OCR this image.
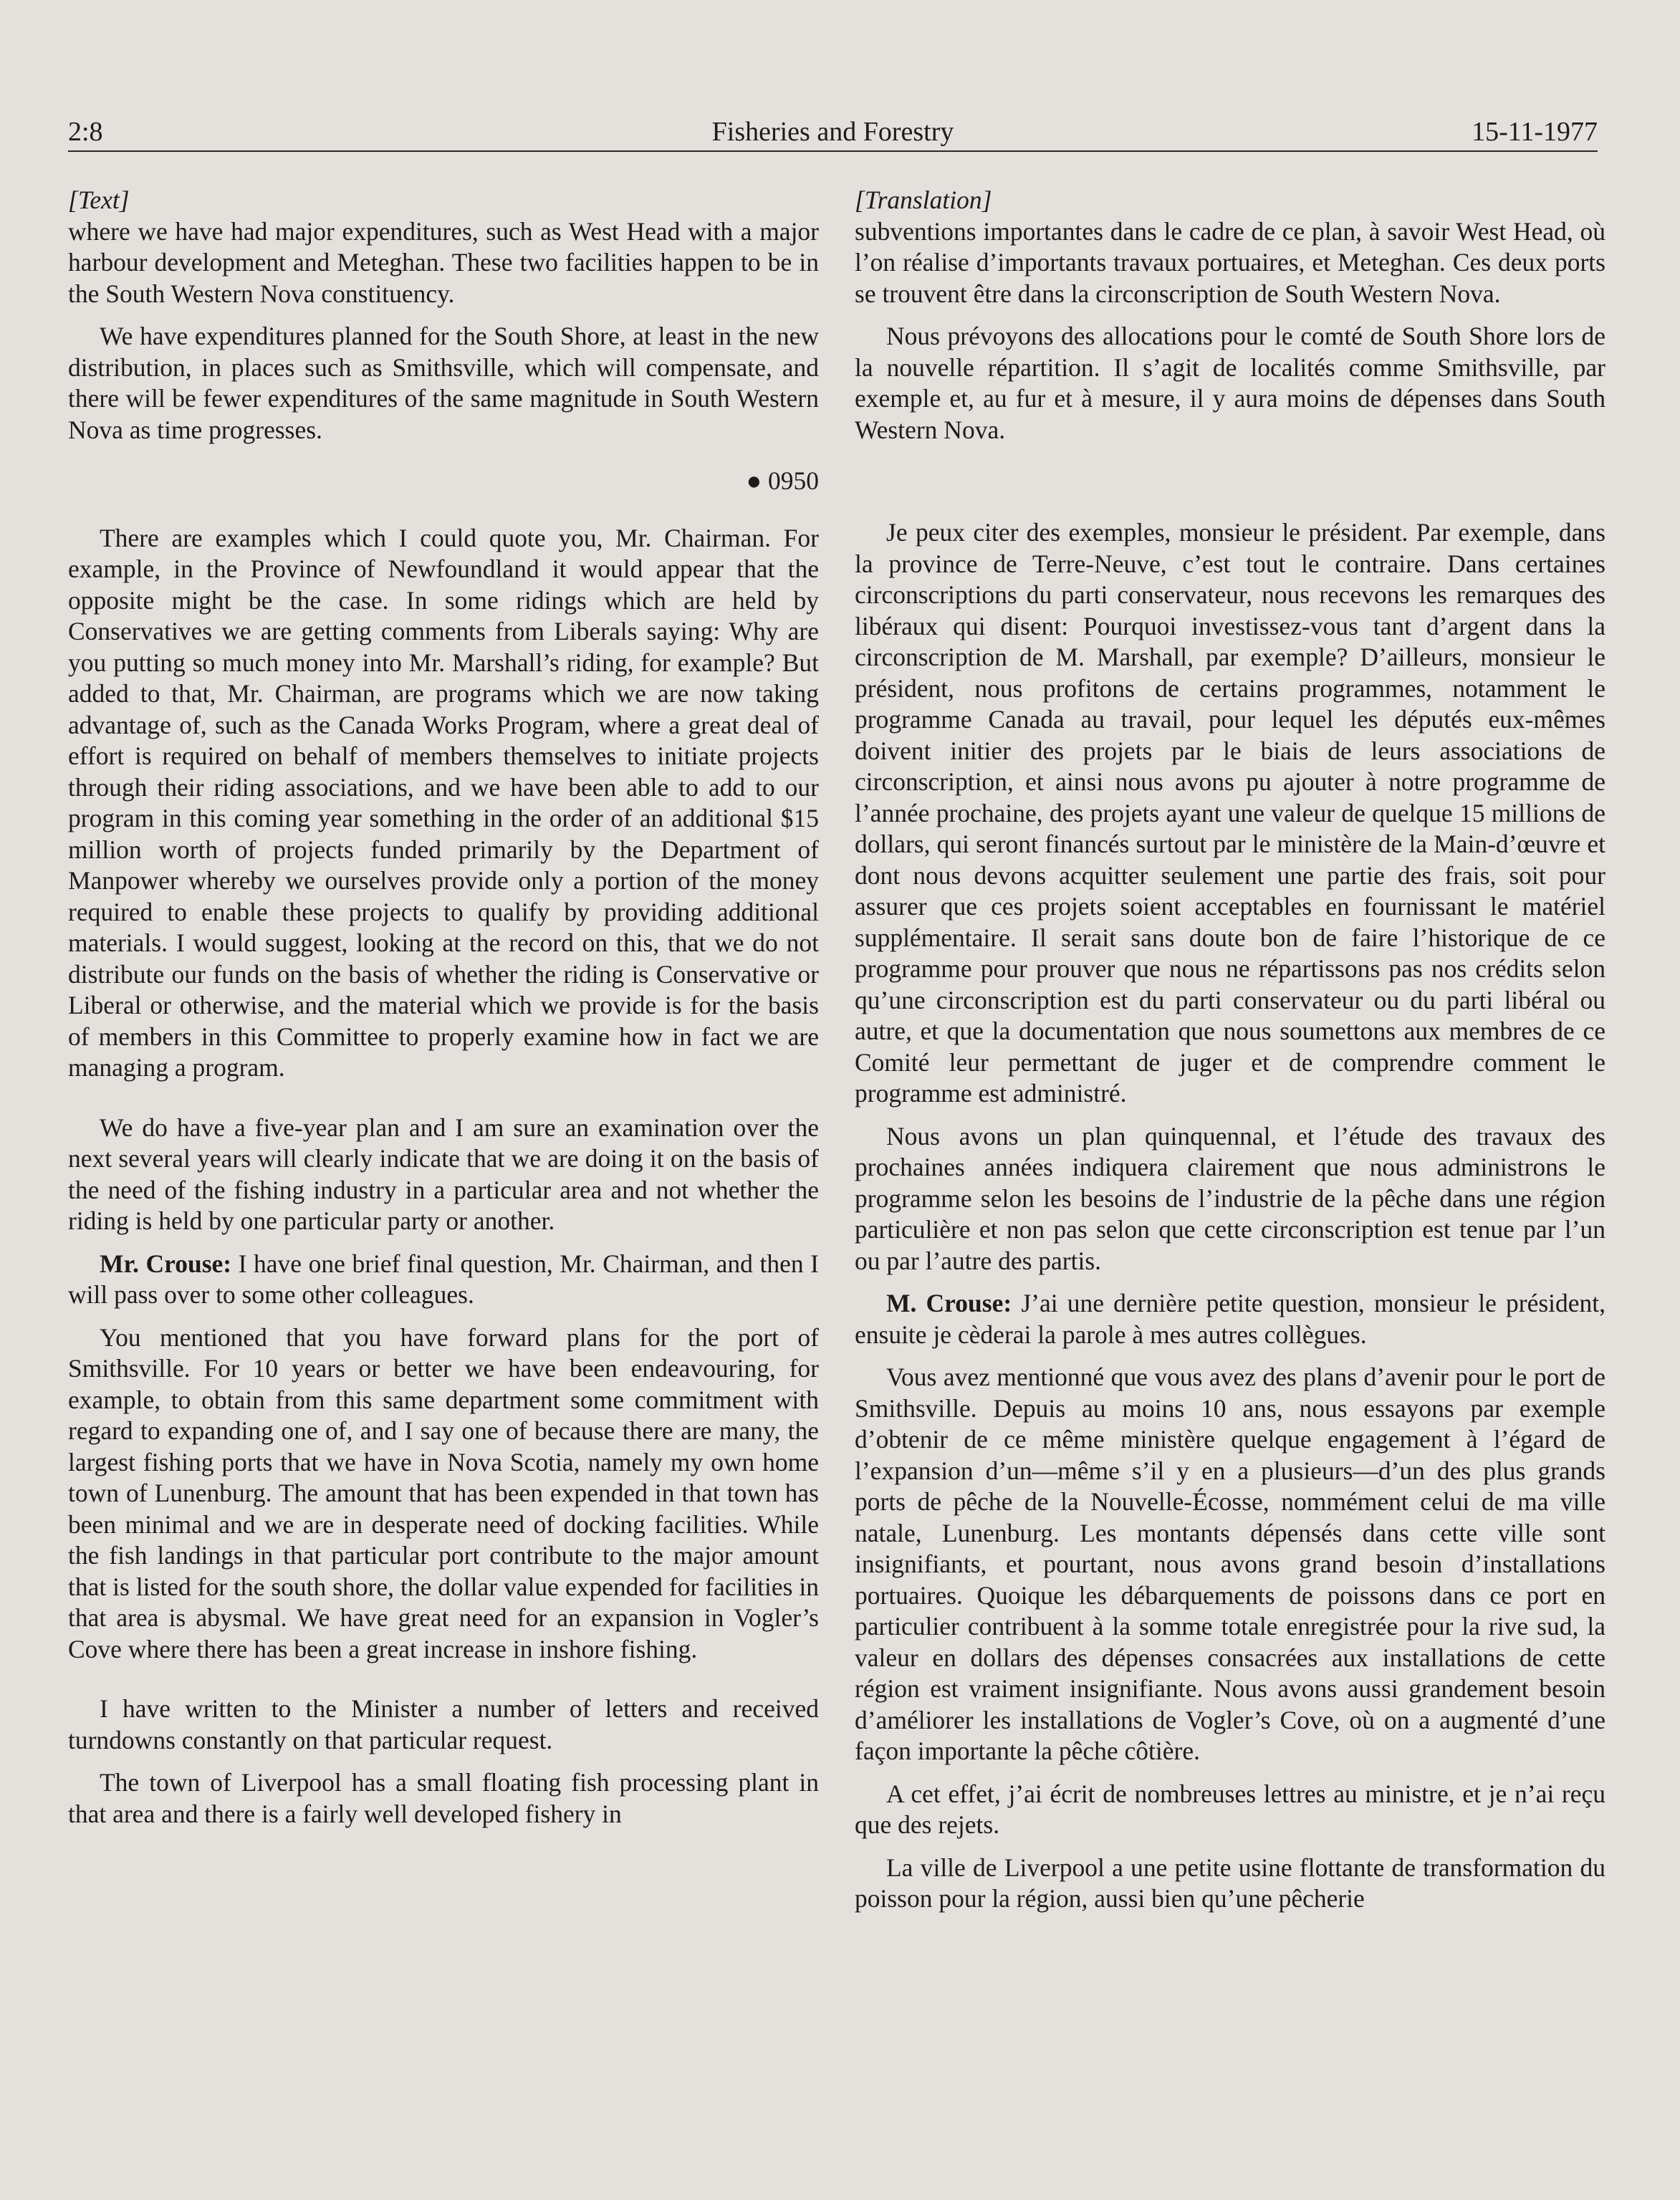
2:8	Fisheries and Forestry	15-11-1977

[Text]

where we have had major expenditures, such as West Head with a major harbour development and Meteghan. These two facilities happen to be in the South Western Nova constituency.

We have expenditures planned for the South Shore, at least in the new distribution, in places such as Smithsville, which will compensate, and there will be fewer expenditures of the same magnitude in South Western Nova as time progresses.

● 0950

There are examples which I could quote you, Mr. Chairman. For example, in the Province of Newfoundland it would appear that the opposite might be the case. In some ridings which are held by Conservatives we are getting comments from Liberals saying: Why are you putting so much money into Mr. Marshall’s riding, for example? But added to that, Mr. Chairman, are programs which we are now taking advantage of, such as the Canada Works Program, where a great deal of effort is required on behalf of members themselves to initiate projects through their riding associations, and we have been able to add to our program in this coming year something in the order of an additional $15 million worth of projects funded primarily by the Department of Manpower whereby we ourselves provide only a portion of the money required to enable these projects to qualify by providing additional materials. I would suggest, looking at the record on this, that we do not distribute our funds on the basis of whether the riding is Conservative or Liberal or otherwise, and the material which we provide is for the basis of members in this Committee to properly examine how in fact we are managing a program.

We do have a five-year plan and I am sure an examination over the next several years will clearly indicate that we are doing it on the basis of the need of the fishing industry in a particular area and not whether the riding is held by one particular party or another.

Mr. Crouse: I have one brief final question, Mr. Chairman, and then I will pass over to some other colleagues.

You mentioned that you have forward plans for the port of Smithsville. For 10 years or better we have been endeavouring, for example, to obtain from this same department some commitment with regard to expanding one of, and I say one of because there are many, the largest fishing ports that we have in Nova Scotia, namely my own home town of Lunenburg. The amount that has been expended in that town has been minimal and we are in desperate need of docking facilities. While the fish landings in that particular port contribute to the major amount that is listed for the south shore, the dollar value expended for facilities in that area is abysmal. We have great need for an expansion in Vogler’s Cove where there has been a great increase in inshore fishing.

I have written to the Minister a number of letters and received turndowns constantly on that particular request.

The town of Liverpool has a small floating fish processing plant in that area and there is a fairly well developed fishery in

[Translation]

subventions importantes dans le cadre de ce plan, à savoir West Head, où l’on réalise d’importants travaux portuaires, et Meteghan. Ces deux ports se trouvent être dans la circonscription de South Western Nova.

Nous prévoyons des allocations pour le comté de South Shore lors de la nouvelle répartition. Il s’agit de localités comme Smithsville, par exemple et, au fur et à mesure, il y aura moins de dépenses dans South Western Nova.

Je peux citer des exemples, monsieur le président. Par exemple, dans la province de Terre-Neuve, c’est tout le contraire. Dans certaines circonscriptions du parti conservateur, nous recevons les remarques des libéraux qui disent: Pourquoi investissez-vous tant d’argent dans la circonscription de M. Marshall, par exemple? D’ailleurs, monsieur le président, nous profitons de certains programmes, notamment le programme Canada au travail, pour lequel les députés eux-mêmes doivent initier des projets par le biais de leurs associations de circonscription, et ainsi nous avons pu ajouter à notre programme de l’année prochaine, des projets ayant une valeur de quelque 15 millions de dollars, qui seront financés surtout par le ministère de la Main-d’œuvre et dont nous devons acquitter seulement une partie des frais, soit pour assurer que ces projets soient acceptables en fournissant le matériel supplémentaire. Il serait sans doute bon de faire l’historique de ce programme pour prouver que nous ne répartissons pas nos crédits selon qu’une circonscription est du parti conservateur ou du parti libéral ou autre, et que la documentation que nous soumettons aux membres de ce Comité leur permettant de juger et de comprendre comment le programme est administré.

Nous avons un plan quinquennal, et l’étude des travaux des prochaines années indiquera clairement que nous administrons le programme selon les besoins de l’industrie de la pêche dans une région particulière et non pas selon que cette circonscription est tenue par l’un ou par l’autre des partis.

M. Crouse: J’ai une dernière petite question, monsieur le président, ensuite je cèderai la parole à mes autres collègues.

Vous avez mentionné que vous avez des plans d’avenir pour le port de Smithsville. Depuis au moins 10 ans, nous essayons par exemple d’obtenir de ce même ministère quelque engagement à l’égard de l’expansion d’un—même s’il y en a plusieurs—d’un des plus grands ports de pêche de la Nouvelle-Écosse, nommément celui de ma ville natale, Lunenburg. Les montants dépensés dans cette ville sont insignifiants, et pourtant, nous avons grand besoin d’installations portuaires. Quoique les débarquements de poissons dans ce port en particulier contribuent à la somme totale enregistrée pour la rive sud, la valeur en dollars des dépenses consacrées aux installations de cette région est vraiment insignifiante. Nous avons aussi grandement besoin d’améliorer les installations de Vogler’s Cove, où on a augmenté d’une façon importante la pêche côtière.

A cet effet, j’ai écrit de nombreuses lettres au ministre, et je n’ai reçu que des rejets.

La ville de Liverpool a une petite usine flottante de transformation du poisson pour la région, aussi bien qu’une pêcherie
